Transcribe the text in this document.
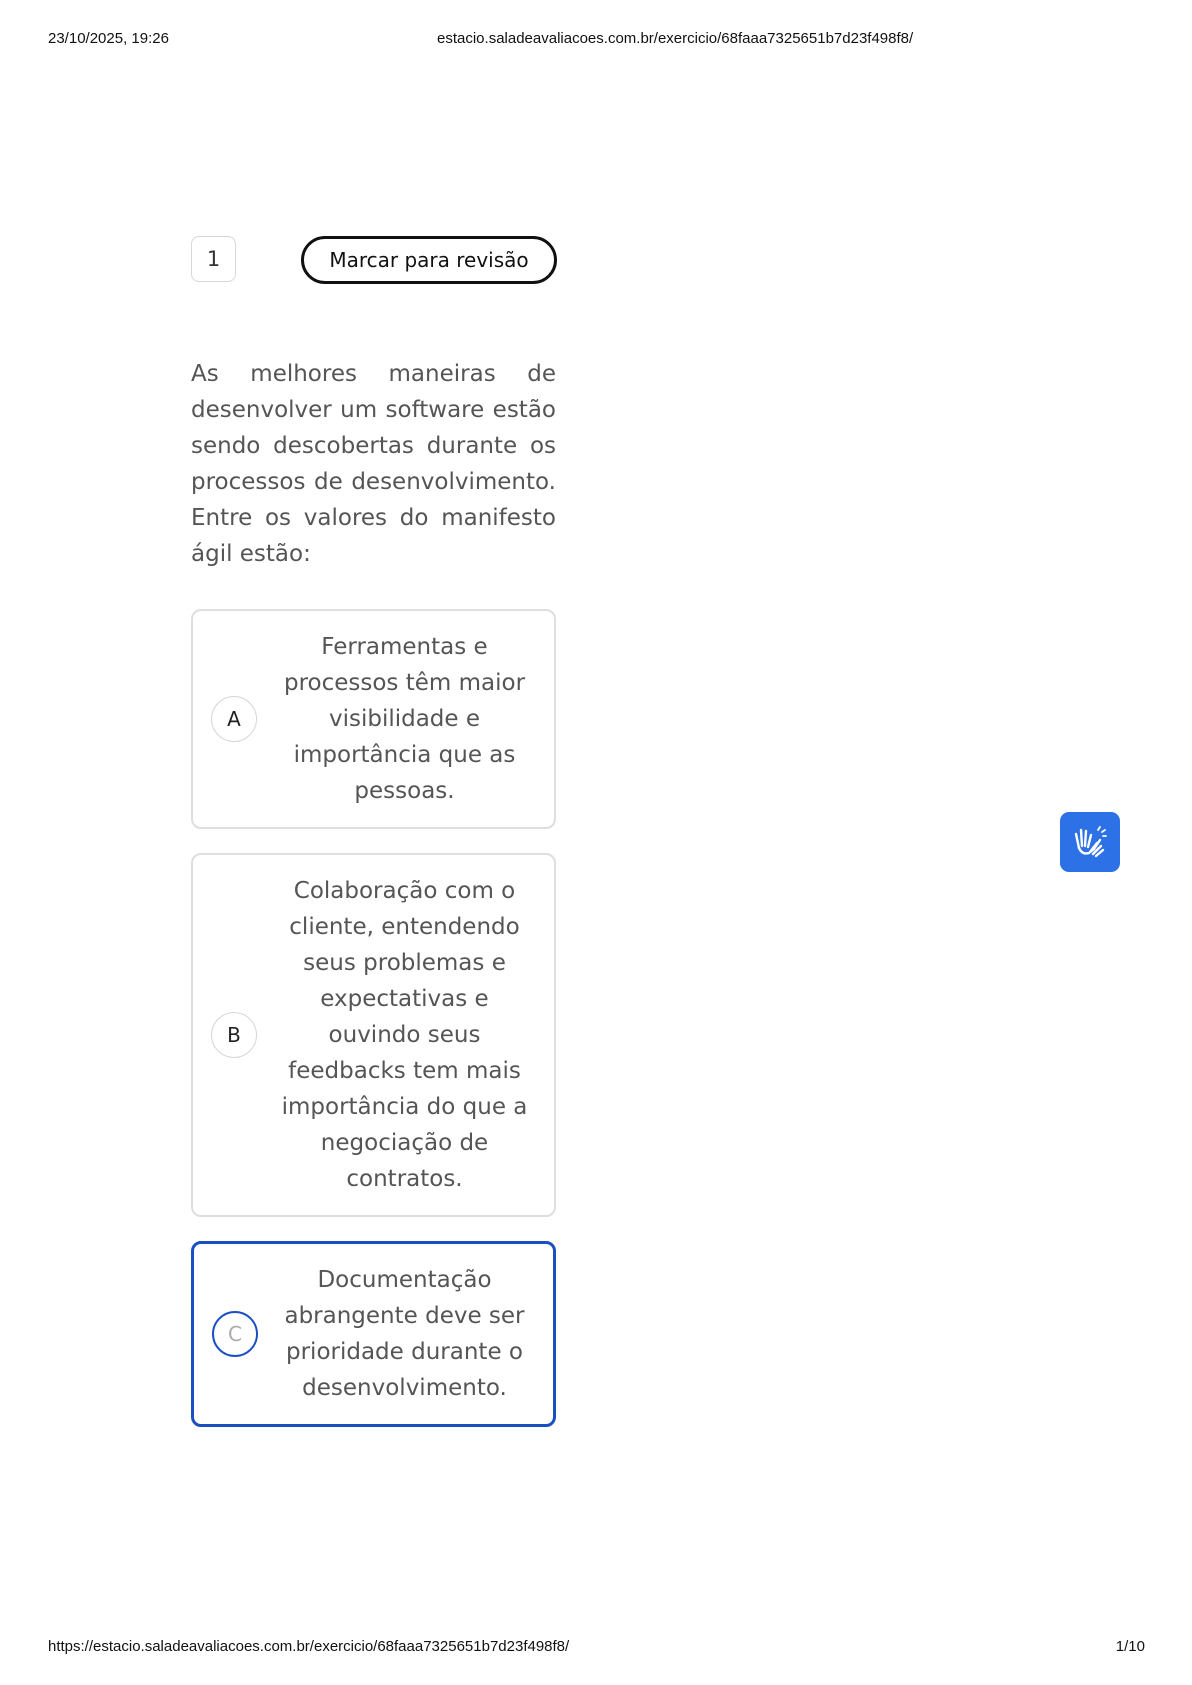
23/10/2025, 19:26	estacio.saladeavaliacoes.com.br/exercicio/68faaa7325651b7d23f498f8/
1	Marcar para revisão
As melhores maneiras de desenvolver um software estão sendo descobertas durante os processos de desenvolvimento. Entre os valores do manifesto ágil estão:
A
Ferramentas e processos têm maior visibilidade e importância que as pessoas.
B
Colaboração com o cliente, entendendo seus problemas e expectativas e ouvindo seus feedbacks tem mais importância do que a negociação de contratos.
C
Documentação abrangente deve ser prioridade durante o desenvolvimento.
https://estacio.saladeavaliacoes.com.br/exercicio/68faaa7325651b7d23f498f8/	1/10
